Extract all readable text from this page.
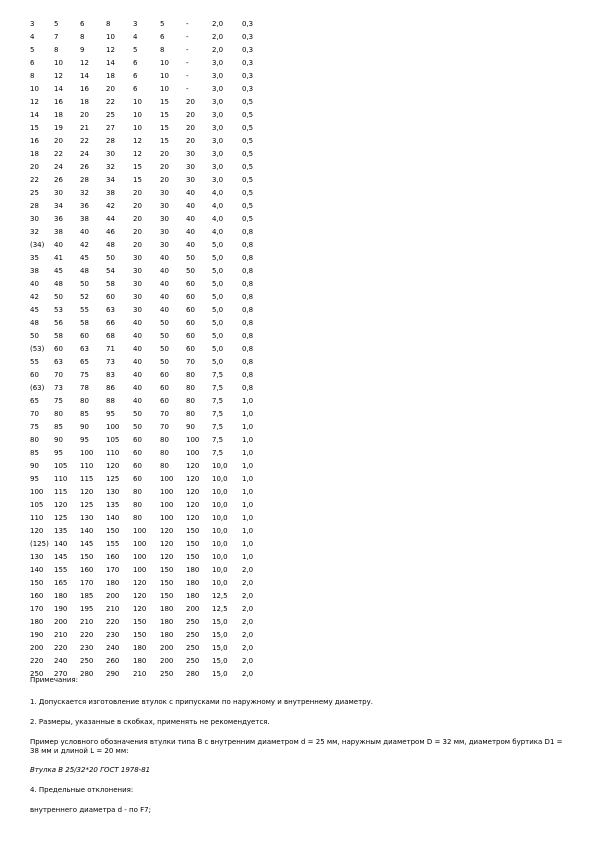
3	5	6	8	3	5	-	2,0	0,3
4	7	8	10	4	6	-	2,0	0,3
5	8	9	12	5	8	-	2,0	0,3
6	10	12	14	6	10	-	3,0	0,3
8	12	14	18	6	10	-	3,0	0,3
10	14	16	20	6	10	-	3,0	0,3
12	16	18	22	10	15	20	3,0	0,5
14	18	20	25	10	15	20	3,0	0,5
15	19	21	27	10	15	20	3,0	0,5
16	20	22	28	12	15	20	3,0	0,5
18	22	24	30	12	20	30	3,0	0,5
20	24	26	32	15	20	30	3,0	0,5
22	26	28	34	15	20	30	3,0	0,5
25	30	32	38	20	30	40	4,0	0,5
28	34	36	42	20	30	40	4,0	0,5
30	36	38	44	20	30	40	4,0	0,5
32	38	40	46	20	30	40	4,0	0,8
(34)	40	42	48	20	30	40	5,0	0,8
35	41	45	50	30	40	50	5,0	0,8
38	45	48	54	30	40	50	5,0	0,8
40	48	50	58	30	40	60	5,0	0,8
42	50	52	60	30	40	60	5,0	0,8
45	53	55	63	30	40	60	5,0	0,8
48	56	58	66	40	50	60	5,0	0,8
50	58	60	68	40	50	60	5,0	0,8
(53)	60	63	71	40	50	60	5,0	0,8
55	63	65	73	40	50	70	5,0	0,8
60	70	75	83	40	60	80	7,5	0,8
(63)	73	78	86	40	60	80	7,5	0,8
65	75	80	88	40	60	80	7,5	1,0
70	80	85	95	50	70	80	7,5	1,0
75	85	90	100	50	70	90	7,5	1,0
80	90	95	105	60	80	100	7,5	1,0
85	95	100	110	60	80	100	7,5	1,0
90	105	110	120	60	80	120	10,0	1,0
95	110	115	125	60	100	120	10,0	1,0
100	115	120	130	80	100	120	10,0	1,0
105	120	125	135	80	100	120	10,0	1,0
110	125	130	140	80	100	120	10,0	1,0
120	135	140	150	100	120	150	10,0	1,0
(125)	140	145	155	100	120	150	10,0	1,0
130	145	150	160	100	120	150	10,0	1,0
140	155	160	170	100	150	180	10,0	2,0
150	165	170	180	120	150	180	10,0	2,0
160	180	185	200	120	150	180	12,5	2,0
170	190	195	210	120	180	200	12,5	2,0
180	200	210	220	150	180	250	15,0	2,0
190	210	220	230	150	180	250	15,0	2,0
200	220	230	240	180	200	250	15,0	2,0
220	240	250	260	180	200	250	15,0	2,0
250	270	280	290	210	250	280	15,0	2,0

Примечания:

1. Допускается изготовление втулок с припусками по наружному и внутреннему диаметру.

2. Размеры, указанные в скобках, применять не рекомендуется.

Пример условного обозначения втулки типа В с внутренним диаметром d = 25 мм, наружным диаметром D = 32 мм, диаметром буртика D1 = 38 мм и длиной L = 20 мм:

Втулка В 25/32*20 ГОСТ 1978-81

4. Предельные отклонения:

внутреннего диаметра d - по F7;
